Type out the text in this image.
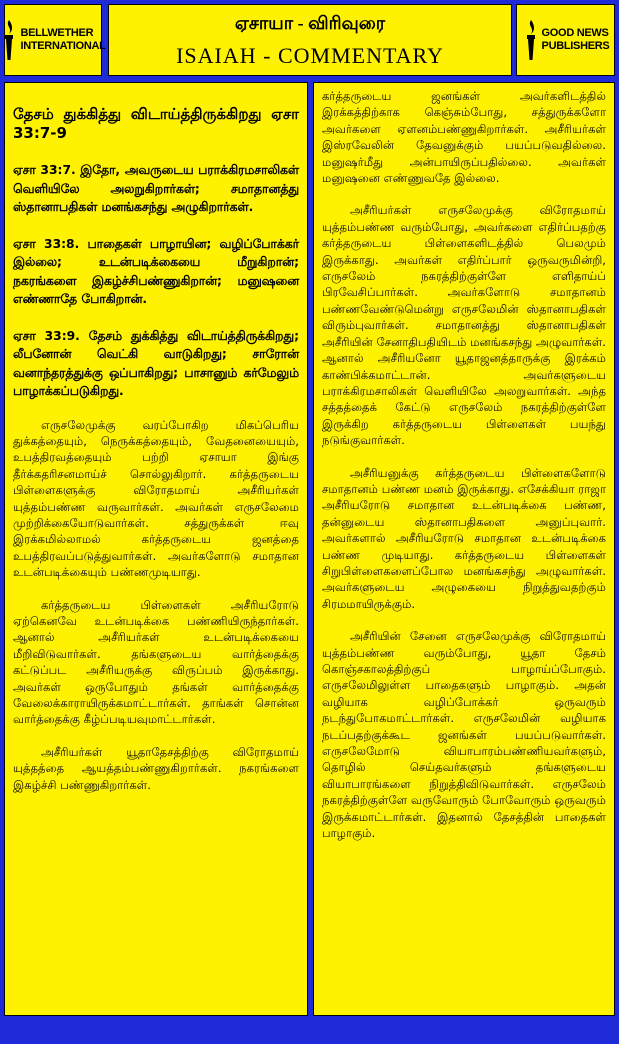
BELLWETHER
INTERNATIONAL
ஏசாயா - விரிவுரை
ISAIAH - COMMENTARY
GOOD NEWS
PUBLISHERS
தேசம் துக்கித்து விடாய்த்திருக்கிறது ஏசா 33:7-9
ஏசா 33:7. இதோ, அவருடைய பராக்கிரமசாலிகள் வெளியிலே அலறுகிறார்கள்; சமாதானத்து ஸ்தானாபதிகள் மனங்கசந்து அழுகிறார்கள்.
ஏசா 33:8. பாதைகள் பாழாயின; வழிப்போக்கர் இல்லை; உடன்படிக்கையை மீறுகிறான்; நகரங்களை இகழ்ச்சிபண்ணுகிறான்; மனுஷனை எண்ணாதே போகிறான்.
ஏசா 33:9. தேசம் துக்கித்து விடாய்த்திருக்கிறது; லீபனோன் வெட்கி வாடுகிறது; சாரோன் வனாந்தரத்துக்கு ஒப்பாகிறது; பாசானும் கர்மேலும் பாழாக்கப்படுகிறது.

எருசலேமுக்கு வரப்போகிற மிகப்பெரிய துக்கத்தையும், நெருக்கத்தையும், வேதனையையும், உபத்திரவத்தையும் பற்றி ஏசாயா இங்கு தீர்க்கதரிசனமாய்ச் சொல்லுகிறார். கர்த்தருடைய பிள்ளைகளுக்கு விரோதமாய் அசீரியர்கள் யுத்தம்பண்ண வருவார்கள். அவர்கள் எருசலேமை முற்றிக்கையோடுவார்கள். சத்துருக்கள் ஈவு இரக்கமில்லாமல் கர்த்தருடைய ஜனத்தை உபத்திரவப்படுத்துவார்கள். அவர்களோடு சமாதான உடன்படிக்கையும் பண்ணமுடியாது.

கர்த்தருடைய பிள்ளைகள் அசீரியரோடு ஏற்கெனவே உடன்படிக்கை பண்ணியிருந்தார்கள். ஆனால் அசீரியர்கள் உடன்படிக்கையை மீறிவிடுவார்கள். தங்களுடைய வார்த்தைக்கு கட்டுப்பட அசீரியருக்கு விருப்பம் இருக்காது. அவர்கள் ஒருபோதும் தங்கள் வார்த்தைக்கு வேலைக்காராயிருக்கமாட்டார்கள். தாங்கள் சொன்ன வார்த்தைக்கு கீழ்ப்படியவுமாட்டார்கள்.

அசீரியர்கள் யூதாதேசத்திற்கு விரோதமாய் யுத்தத்தை ஆயத்தம்பண்ணுகிறார்கள். நகரங்களை இகழ்ச்சி பண்ணுகிறார்கள்.

கர்த்தருடைய ஜனங்கள் அவர்களிடத்தில் இரக்கத்திற்காக கெஞ்சும்போது, சத்துருக்களோ அவர்களை ஏளனம்பண்ணுகிறார்கள். அசீரியர்கள் இஸ்ரவேலின் தேவனுக்கும் பயப்படுவதில்லை. மனுஷர்மீது அன்பாயிருப்பதில்லை. அவர்கள் மனுஷனை எண்ணுவதே இல்லை.

அசீரியர்கள் எருசலேமுக்கு விரோதமாய் யுத்தம்பண்ண வரும்போது, அவர்களை எதிர்ப்பதற்கு கர்த்தருடைய பிள்ளைகளிடத்தில் பெலமும் இருக்காது. அவர்கள் எதிர்ப்பார் ஒருவருமின்றி, எருசலேம் நகரத்திற்குள்ளே எளிதாய்ப் பிரவேசிப்பார்கள். அவர்களோடு சமாதானம் பண்ணவேண்டுமென்று எருசலேமின் ஸ்தானாபதிகள் விரும்புவார்கள். சமாதானத்து ஸ்தானாபதிகள் அசீரியின் சேனாதிபதியிடம் மனங்கசந்து அழுவார்கள். ஆனால் அசீரியனோ யூதாஜனத்தாருக்கு இரக்கம் காண்பிக்கமாட்டான். அவர்களுடைய பராக்கிரமசாலிகள் வெளியிலே அலறுவார்கள். அந்த சத்தத்தைக் கேட்டு எருசலேம் நகரத்திற்குள்ளே இருக்கிற கர்த்தருடைய பிள்ளைகள் பயந்து நடுங்குவார்கள்.

அசீரியனுக்கு கர்த்தருடைய பிள்ளைகளோடு சமாதானம் பண்ண மனம் இருக்காது. எசேக்கியா ராஜா அசீரியரோடு சமாதான உடன்படிக்கை பண்ண, தன்னுடைய ஸ்தானாபதிகளை அனுப்புவார். அவர்களால் அசீரியரோடு சமாதான உடன்படிக்கை பண்ண முடியாது. கர்த்தருடைய பிள்ளைகள் சிறுபிள்ளைகளைப்போல மனங்கசந்து அழுவார்கள். அவர்களுடைய அழுகையை நிறுத்துவதற்கும் சிரமமாயிருக்கும்.

அசீரியின் சேனை எருசலேமுக்கு விரோதமாய் யுத்தம்பண்ண வரும்போது, யூதா தேசம் கொஞ்சகாலத்திற்குப் பாழாய்ப்போகும். எருசலேமிலுள்ள பாதைகளும் பாழாகும். அதன் வழியாக வழிப்போக்கர் ஒருவரும் நடந்துபோகமாட்டார்கள். எருசலேமின் வழியாக நடப்பதற்குக்கூட ஜனங்கள் பயப்படுவார்கள். எருசலேமோடு வியாபாரம்பண்ணியவர்களும், தொழில் செய்தவர்களும் தங்களுடைய வியாபாரங்களை நிறுத்திவிடுவார்கள். எருசலேம் நகரத்திற்குள்ளே வருவோரும் போவோரும் ஒருவரும் இருக்கமாட்டார்கள். இதனால் தேசத்தின் பாதைகள் பாழாகும்.
